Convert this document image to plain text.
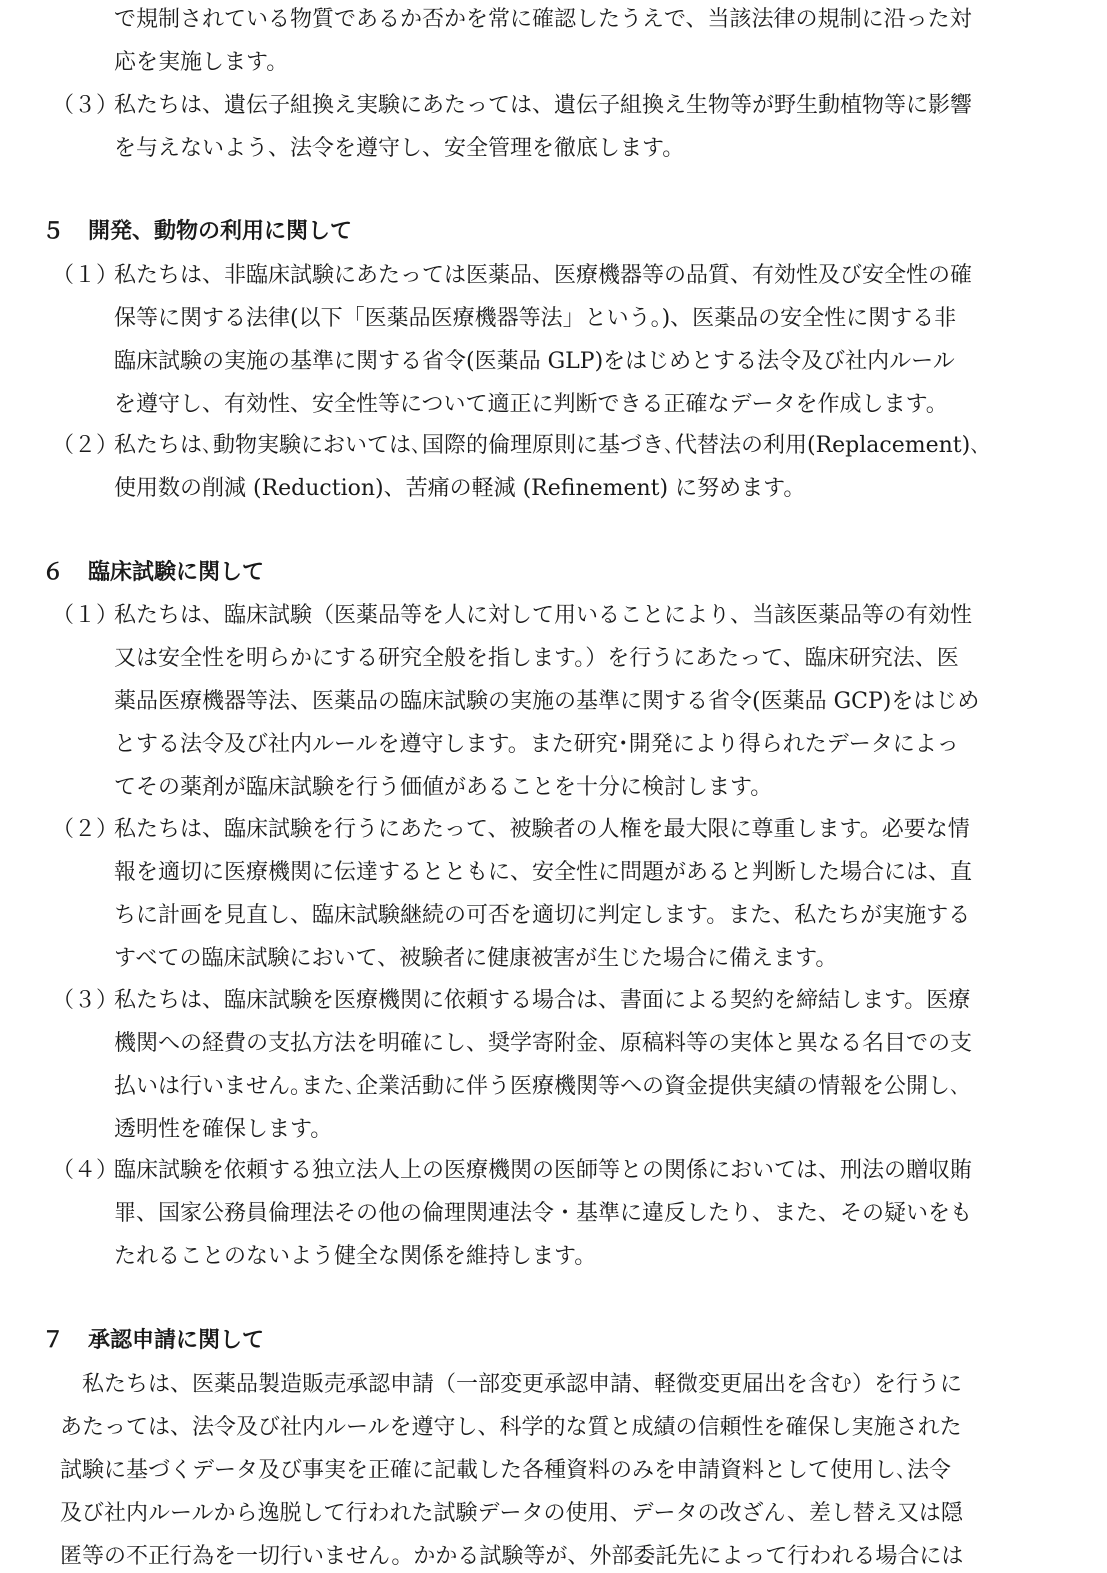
で規制されている物質であるか否かを常に確認したうえで、当該法律の規制に沿った対
応を実施します。
（３）
私たちは、遺伝子組換え実験にあたっては、遺伝子組換え生物等が野生動植物等に影響
を与えないよう、法令を遵守し、安全管理を徹底します。
５ 開発、動物の利用に関して
（１）
私たちは、非臨床試験にあたっては医薬品、医療機器等の品質、有効性及び安全性の確
保等に関する法律(以下「医薬品医療機器等法」という。)、医薬品の安全性に関する非
臨床試験の実施の基準に関する省令(医薬品 GLP)をはじめとする法令及び社内ルール
を遵守し、有効性、安全性等について適正に判断できる正確なデータを作成します。
（２）
私たちは､動物実験においては､国際的倫理原則に基づき､代替法の利用(Replacement)､
使用数の削減 (Reduction)、苦痛の軽減 (Refinement) に努めます。
６ 臨床試験に関して
（１）
私たちは、臨床試験（医薬品等を人に対して用いることにより、当該医薬品等の有効性
又は安全性を明らかにする研究全般を指します。）を行うにあたって、臨床研究法、医
薬品医療機器等法、医薬品の臨床試験の実施の基準に関する省令(医薬品 GCP)をはじめ
とする法令及び社内ルールを遵守します。また研究･開発により得られたデータによっ
てその薬剤が臨床試験を行う価値があることを十分に検討します。
（２）
私たちは、臨床試験を行うにあたって、被験者の人権を最大限に尊重します。必要な情
報を適切に医療機関に伝達するとともに、安全性に問題があると判断した場合には、直
ちに計画を見直し、臨床試験継続の可否を適切に判定します。また、私たちが実施する
すべての臨床試験において、被験者に健康被害が生じた場合に備えます。
（３）
私たちは、臨床試験を医療機関に依頼する場合は、書面による契約を締結します。医療
機関への経費の支払方法を明確にし、奨学寄附金、原稿料等の実体と異なる名目での支
払いは行いません｡また､企業活動に伴う医療機関等への資金提供実績の情報を公開し､
透明性を確保します。
（４）
臨床試験を依頼する独立法人上の医療機関の医師等との関係においては、刑法の贈収賄
罪、国家公務員倫理法その他の倫理関連法令・基準に違反したり、また、その疑いをも
たれることのないよう健全な関係を維持します。
７ 承認申請に関して
　私たちは、医薬品製造販売承認申請（一部変更承認申請、軽微変更届出を含む）を行うに
あたっては、法令及び社内ルールを遵守し、科学的な質と成績の信頼性を確保し実施された
試験に基づくデータ及び事実を正確に記載した各種資料のみを申請資料として使用し､法令
及び社内ルールから逸脱して行われた試験データの使用、データの改ざん、差し替え又は隠
匿等の不正行為を一切行いません。かかる試験等が、外部委託先によって行われる場合には
